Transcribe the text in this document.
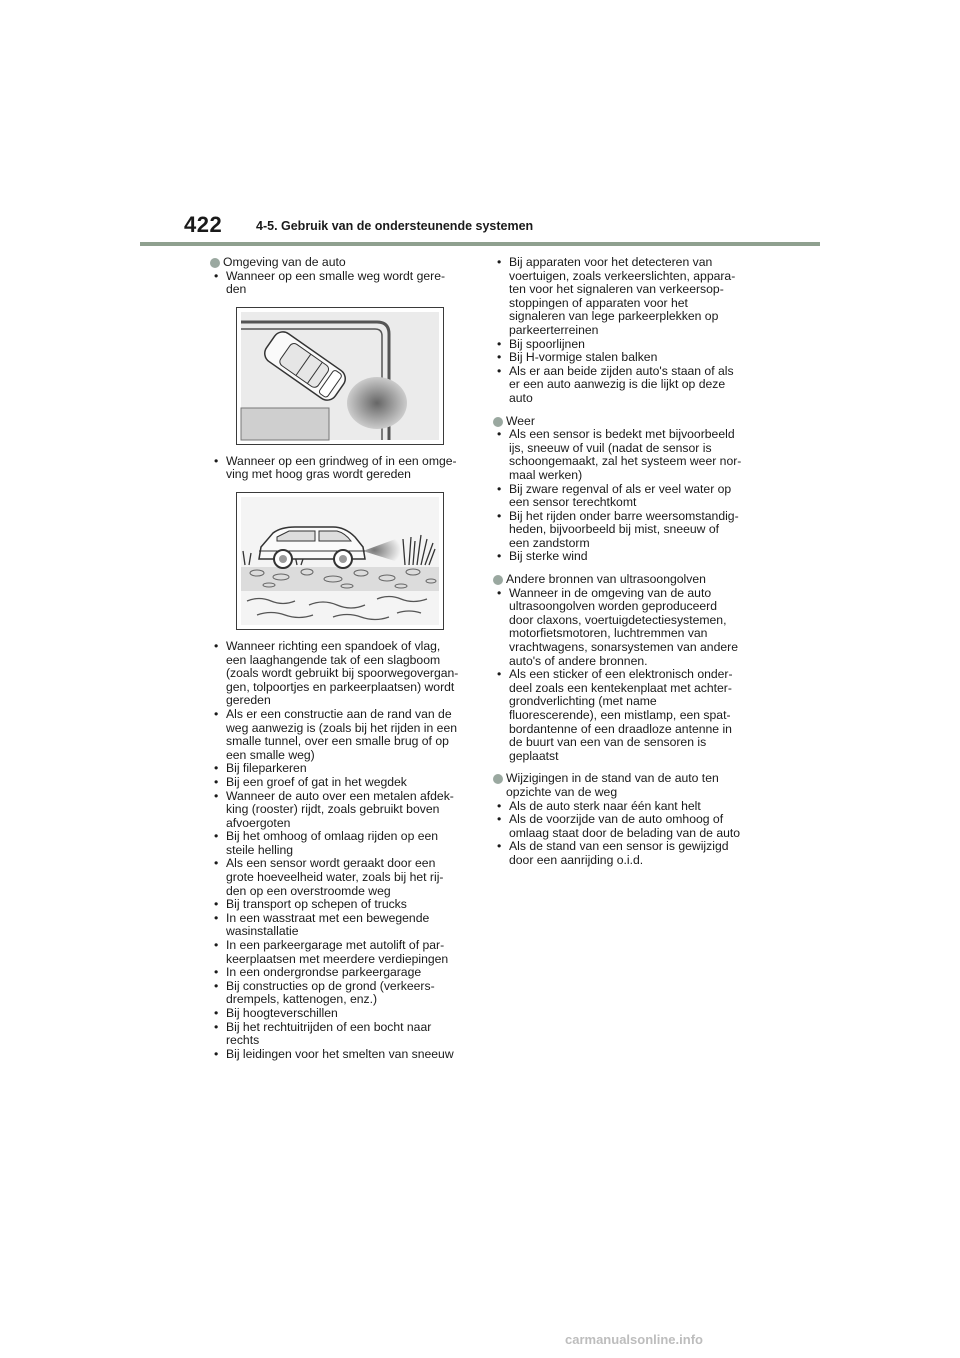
422	4-5. Gebruik van de ondersteunende systemen
Omgeving van de auto
• Wanneer op een smalle weg wordt gere-
den
• Wanneer op een grindweg of in een omge-
ving met hoog gras wordt gereden
• Wanneer richting een spandoek of vlag,
een laaghangende tak of een slagboom
(zoals wordt gebruikt bij spoorwegovergan-
gen, tolpoortjes en parkeerplaatsen) wordt
gereden
• Als er een constructie aan de rand van de
weg aanwezig is (zoals bij het rijden in een
smalle tunnel, over een smalle brug of op
een smalle weg)
• Bij fileparkeren
• Bij een groef of gat in het wegdek
• Wanneer de auto over een metalen afdek-
king (rooster) rijdt, zoals gebruikt boven
afvoergoten
• Bij het omhoog of omlaag rijden op een
steile helling
• Als een sensor wordt geraakt door een
grote hoeveelheid water, zoals bij het rij-
den op een overstroomde weg
• Bij transport op schepen of trucks
• In een wasstraat met een bewegende
wasinstallatie
• In een parkeergarage met autolift of par-
keerplaatsen met meerdere verdiepingen
• In een ondergrondse parkeergarage
• Bij constructies op de grond (verkeers-
drempels, kattenogen, enz.)
• Bij hoogteverschillen
• Bij het rechtuitrijden of een bocht naar
rechts
• Bij leidingen voor het smelten van sneeuw
• Bij apparaten voor het detecteren van
voertuigen, zoals verkeerslichten, appara-
ten voor het signaleren van verkeersop-
stoppingen of apparaten voor het
signaleren van lege parkeerplekken op
parkeerterreinen
• Bij spoorlijnen
• Bij H-vormige stalen balken
• Als er aan beide zijden auto's staan of als
er een auto aanwezig is die lijkt op deze
auto
Weer
• Als een sensor is bedekt met bijvoorbeeld
ijs, sneeuw of vuil (nadat de sensor is
schoongemaakt, zal het systeem weer nor-
maal werken)
• Bij zware regenval of als er veel water op
een sensor terechtkomt
• Bij het rijden onder barre weersomstandig-
heden, bijvoorbeeld bij mist, sneeuw of
een zandstorm
• Bij sterke wind
Andere bronnen van ultrasoongolven
• Wanneer in de omgeving van de auto
ultrasoongolven worden geproduceerd
door claxons, voertuigdetectiesystemen,
motorfietsmotoren, luchtremmen van
vrachtwagens, sonarsystemen van andere
auto's of andere bronnen.
• Als een sticker of een elektronisch onder-
deel zoals een kentekenplaat met achter-
grondverlichting (met name
fluorescerende), een mistlamp, een spat-
bordantenne of een draadloze antenne in
de buurt van een van de sensoren is
geplaatst
Wijzigingen in de stand van de auto ten
opzichte van de weg
• Als de auto sterk naar één kant helt
• Als de voorzijde van de auto omhoog of
omlaag staat door de belading van de auto
• Als de stand van een sensor is gewijzigd
door een aanrijding o.i.d.
carmanualsonline.info
